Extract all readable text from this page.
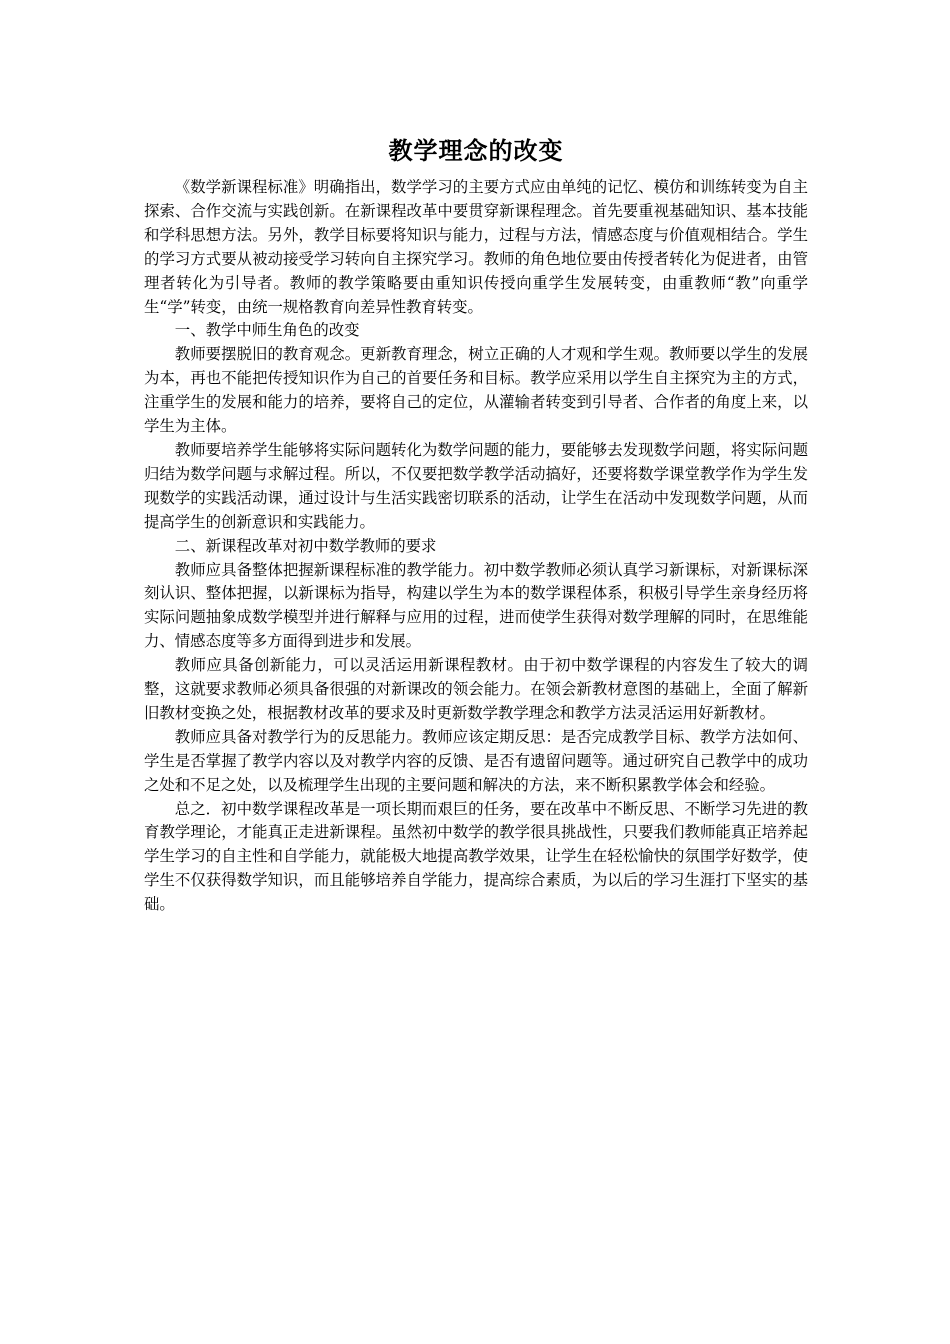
教学理念的改变

《数学新课程标准》明确指出，数学学习的主要方式应由单纯的记忆、模仿和训练转变为自主探索、合作交流与实践创新。在新课程改革中要贯穿新课程理念。首先要重视基础知识、基本技能和学科思想方法。另外，教学目标要将知识与能力，过程与方法，情感态度与价值观相结合。学生的学习方式要从被动接受学习转向自主探究学习。教师的角色地位要由传授者转化为促进者，由管理者转化为引导者。教师的教学策略要由重知识传授向重学生发展转变，由重教师“教”向重学生“学”转变，由统一规格教育向差异性教育转变。

一、教学中师生角色的改变

教师要摆脱旧的教育观念。更新教育理念，树立正确的人才观和学生观。教师要以学生的发展为本，再也不能把传授知识作为自己的首要任务和目标。教学应采用以学生自主探究为主的方式，注重学生的发展和能力的培养，要将自己的定位，从灌输者转变到引导者、合作者的角度上来，以学生为主体。

教师要培养学生能够将实际问题转化为数学问题的能力，要能够去发现数学问题，将实际问题归结为数学问题与求解过程。所以，不仅要把数学教学活动搞好，还要将数学课堂教学作为学生发现数学的实践活动课，通过设计与生活实践密切联系的活动，让学生在活动中发现数学问题，从而提高学生的创新意识和实践能力。

二、新课程改革对初中数学教师的要求

教师应具备整体把握新课程标准的教学能力。初中数学教师必须认真学习新课标，对新课标深刻认识、整体把握，以新课标为指导，构建以学生为本的数学课程体系，积极引导学生亲身经历将实际问题抽象成数学模型并进行解释与应用的过程，进而使学生获得对数学理解的同时，在思维能力、情感态度等多方面得到进步和发展。

教师应具备创新能力，可以灵活运用新课程教材。由于初中数学课程的内容发生了较大的调整，这就要求教师必须具备很强的对新课改的领会能力。在领会新教材意图的基础上，全面了解新旧教材变换之处，根据教材改革的要求及时更新数学教学理念和教学方法灵活运用好新教材。

教师应具备对教学行为的反思能力。教师应该定期反思：是否完成教学目标、教学方法如何、学生是否掌握了教学内容以及对教学内容的反馈、是否有遗留问题等。通过研究自己教学中的成功之处和不足之处，以及梳理学生出现的主要问题和解决的方法，来不断积累教学体会和经验。

总之．初中数学课程改革是一项长期而艰巨的任务，要在改革中不断反思、不断学习先进的教育教学理论，才能真正走进新课程。虽然初中数学的教学很具挑战性，只要我们教师能真正培养起学生学习的自主性和自学能力，就能极大地提高教学效果，让学生在轻松愉快的氛围学好数学，使学生不仅获得数学知识，而且能够培养自学能力，提高综合素质，为以后的学习生涯打下坚实的基础。
